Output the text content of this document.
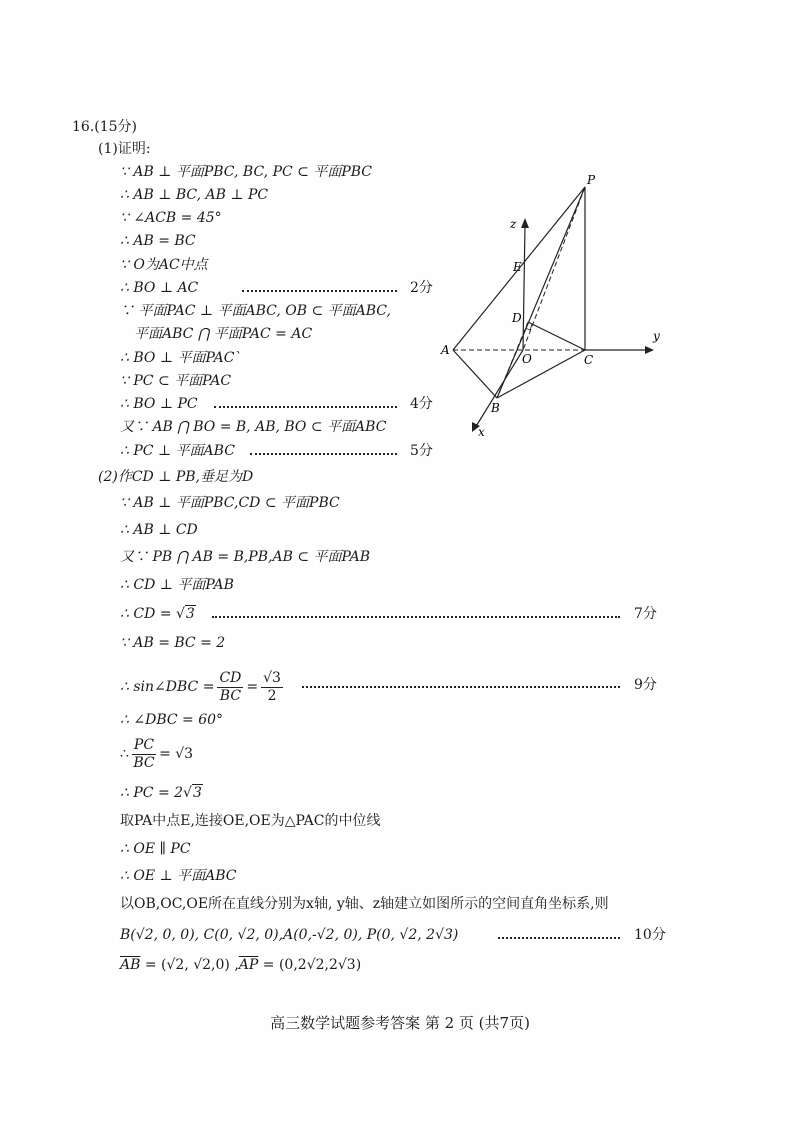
16.(15分)
(1)证明:
∵ AB ⊥ 平面PBC, BC, PC ⊂ 平面PBC
∴ AB ⊥ BC, AB ⊥ PC
∵ ∠ACB = 45°
∴ AB = BC
∵ O为AC中点
∴ BO ⊥ AC	2分
∵ 平面PAC ⊥ 平面ABC, OB ⊂ 平面ABC,
平面ABC ⋂ 平面PAC = AC
∴ BO ⊥ 平面PAC`
∵ PC ⊂ 平面PAC
∴ BO ⊥ PC	4分
又∵ AB ⋂ BO = B, AB, BO ⊂ 平面ABC
∴ PC ⊥ 平面ABC	5分
(2)作CD ⊥ PB,垂足为D
∵ AB ⊥ 平面PBC,CD ⊂ 平面PBC
∴ AB ⊥ CD
又∵ PB ⋂ AB = B,PB,AB ⊂ 平面PAB
∴ CD ⊥ 平面PAB
∴ CD = √3	7分
∵ AB = BC = 2
∴ sin∠DBC = $\frac{CD}{BC} = \frac{√3}{2}$	9分
∴ ∠DBC = 60°
∴ $\frac{PC}{BC} = √3$
∴ PC = 2√3
取PA中点E,连接OE,OE为△PAC的中位线
∴ OE ∥ PC
∴ OE ⊥ 平面ABC
以OB,OC,OE所在直线分别为x轴, y轴、z轴建立如图所示的空间直角坐标系,则
B(√2, 0, 0), C(0, √2, 0),A(0,-√2, 0), P(0, √2, 2√3)	10分
$\overline{AB} = (√2$, √2,0) $,\overline{AP} = (0,2√2,2√3)$
P
A
B
C
O
D
E
x
y
z
高三数学试题参考答案 第 2 页 (共7页)
